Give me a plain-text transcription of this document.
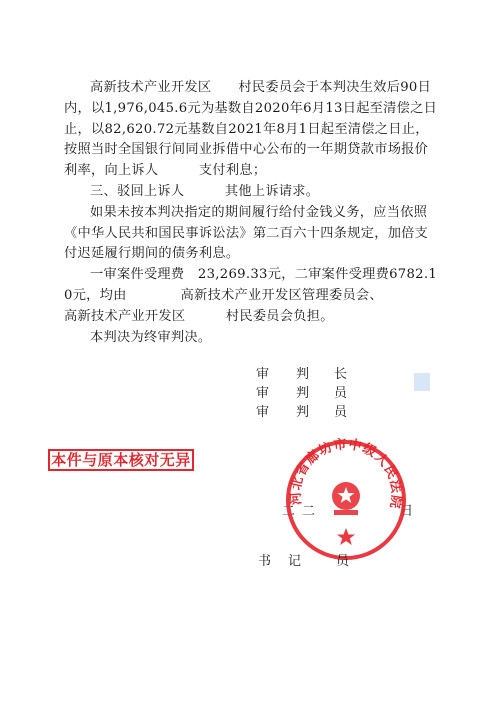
高新技术产业开发区　　村民委员会于本判决生效后90日内，以1,976,045.6元为基数自2020年6月13日起至清偿之日止，以82,620.72元基数自2021年8月1日起至清偿之日止，按照当时全国银行间同业拆借中心公布的一年期贷款市场报价利率，向上诉人　　　支付利息；

三、驳回上诉人　　　其他上诉请求。

如果未按本判决指定的期间履行给付金钱义务，应当依照《中华人民共和国民事诉讼法》第二百六十四条规定，加倍支付迟延履行期间的债务利息。

一审案件受理费　23,269.33元，二审案件受理费6782.10元，均由　　　　高新技术产业开发区管理委员会、　　　　高新技术产业开发区　　　村民委员会负担。

本判决为终审判决。

审 判 长
审 判 员
审 判 员
本件与原本核对无异
二 二	日
河北省廊坊市中级人民法院
书 记	员
